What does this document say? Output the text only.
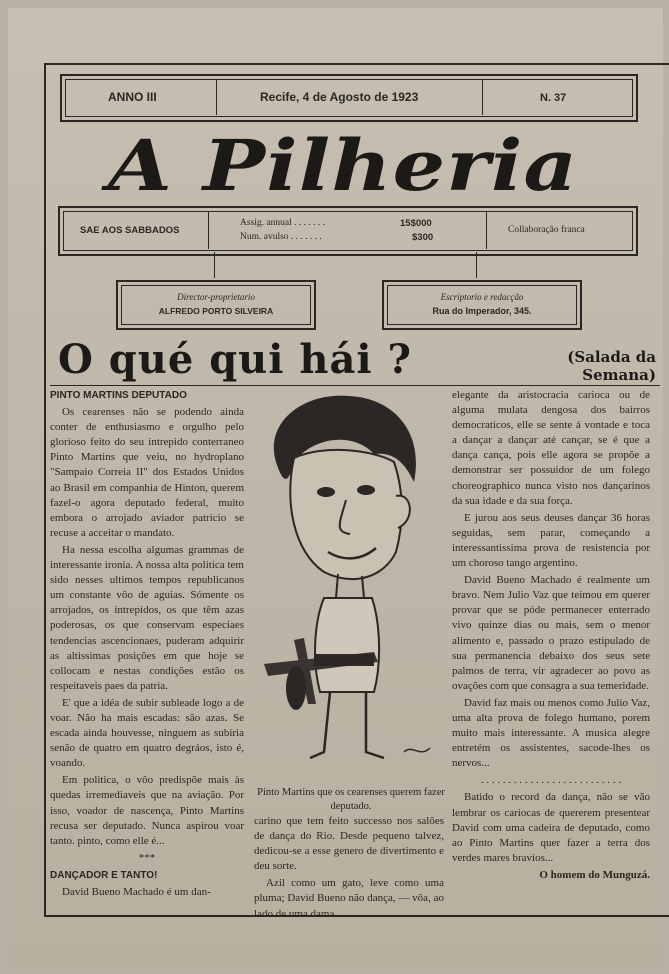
ANNO III	Recife, 4 de Agosto de 1923	N. 37
A Pilheria
SAE AOS SABBADOS
Assig. annual . . . . . . .	15$000
Num. avulso . . . . . . .	$300
Collaboração franca
Director-proprietario
ALFREDO PORTO SILVEIRA
Escriptorio e redacção
Rua do Imperador, 345.
O qué qui hái ?	(Salada da
Semana)

PINTO MARTINS DEPUTADO

Os cearenses não se podendo ainda conter de enthusiasmo e orgulho pelo glorioso feito do seu intrepido conterraneo Pinto Martins que veiu, no hydroplano "Sampaio Correia II" dos Estados Unidos ao Brasil em companhia de Hinton, querem fazel-o agora deputado federal, muito embora o arrojado aviador patricio se recuse a acceitar o mandato.

Ha nessa escolha algumas grammas de interessante ironia. A nossa alta politica tem sido nesses ultimos tempos republicanos um constante vôo de aguias. Sómente os arrojados, os intrepidos, os que têm azas poderosas, os que conservam especiaes tendencias ascencionaes, puderam adquirir as altissimas posições em que hoje se collocam e nestas condições estão os respeitaveis paes da patria.

E' que a idéa de subir subleade logo a de voar. Não ha mais escadas: são azas. Se escada ainda houvesse, ninguem as subiria senão de quatro em quatro degráos, isto é, voando.

Em politica, o vôo predispõe mais às quedas irremediaveis que na aviação. Por isso, voador de nascença, Pinto Martins recusa ser deputado. Nunca aspirou voar tanto. pinto, como elle é...

***

DANÇADOR E TANTO!

David Bueno Machado é um dan-

Pinto Martins que os cearenses querem fazer deputado.

carino que tem feito successo nos salões de dança do Rio. Desde pequeno talvez, dedicou-se a esse genero de divertimento e deu sorte.

Azil como um gato, leve como uma pluma; David Bueno não dança, — vôa, ao lado de uma dama

elegante da aristocracia carioca ou de alguma mulata dengosa dos bairros democraticos, elle se sente á vontade e toca a dançar a dançar até cançar, se é que a dança cança, pois elle agora se propõe a demonstrar ser possuidor de um folego choreographico nunca visto nos dançarinos da sua idade e da sua força.

E jurou aos seus deuses dançar 36 horas seguidas, sem parar, começando a interessantissima prova de resistencia por um choroso tango argentino.

David Bueno Machado é realmente um bravo. Nem Julio Vaz que teimou em querer provar que se póde permanecer enterrado vivo quinze dias ou mais, sem o menor alimento e, passado o prazo estipulado de sua permanencia debaixo dos seus sete palmos de terra, vir agradecer ao povo as ovações com que consagra a sua temeridade.

David faz mais ou menos como Julio Vaz, uma alta prova de folego humano, porem muito mais interessante. A musica alegre entretém os assistentes, sacode-lhes os nervos...

. . . . . . . . . . . . . . . . . . . . . . . . . .

Batido o record da dança, não se vão lembrar os cariocas de quererem presentear David com uma cadeira de deputado, como ao Pinto Martins quer fazer a terra dos verdes mares bravios...

O homem do Munguzá.
